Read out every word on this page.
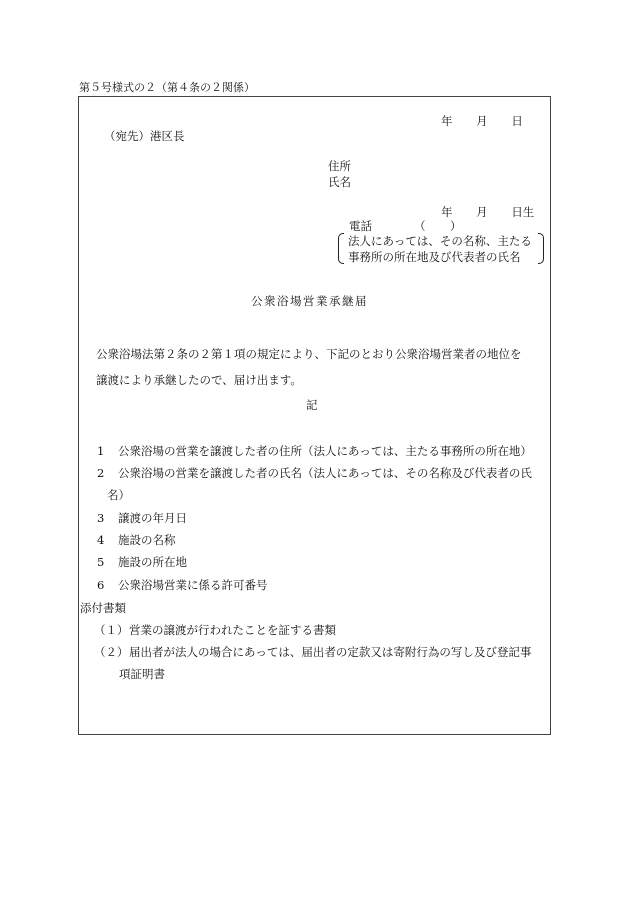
第５号様式の２（第４条の２関係）
年 月 日
（宛先）港区長
住所
氏名
年 月 日生
電話	（ ）
法人にあっては、その名称、主たる
事務所の所在地及び代表者の氏名
公衆浴場営業承継届
公衆浴場法第２条の２第１項の規定により、下記のとおり公衆浴場営業者の地位を
譲渡により承継したので、届け出ます。
記
1 公衆浴場の営業を譲渡した者の住所（法人にあっては、主たる事務所の所在地）
2 公衆浴場の営業を譲渡した者の氏名（法人にあっては、その名称及び代表者の氏
名）
3 譲渡の年月日
4 施設の名称
5 施設の所在地
6 公衆浴場営業に係る許可番号
添付書類
（１） 営業の譲渡が行われたことを証する書類
（２） 届出者が法人の場合にあっては、届出者の定款又は寄附行為の写し及び登記事
項証明書
